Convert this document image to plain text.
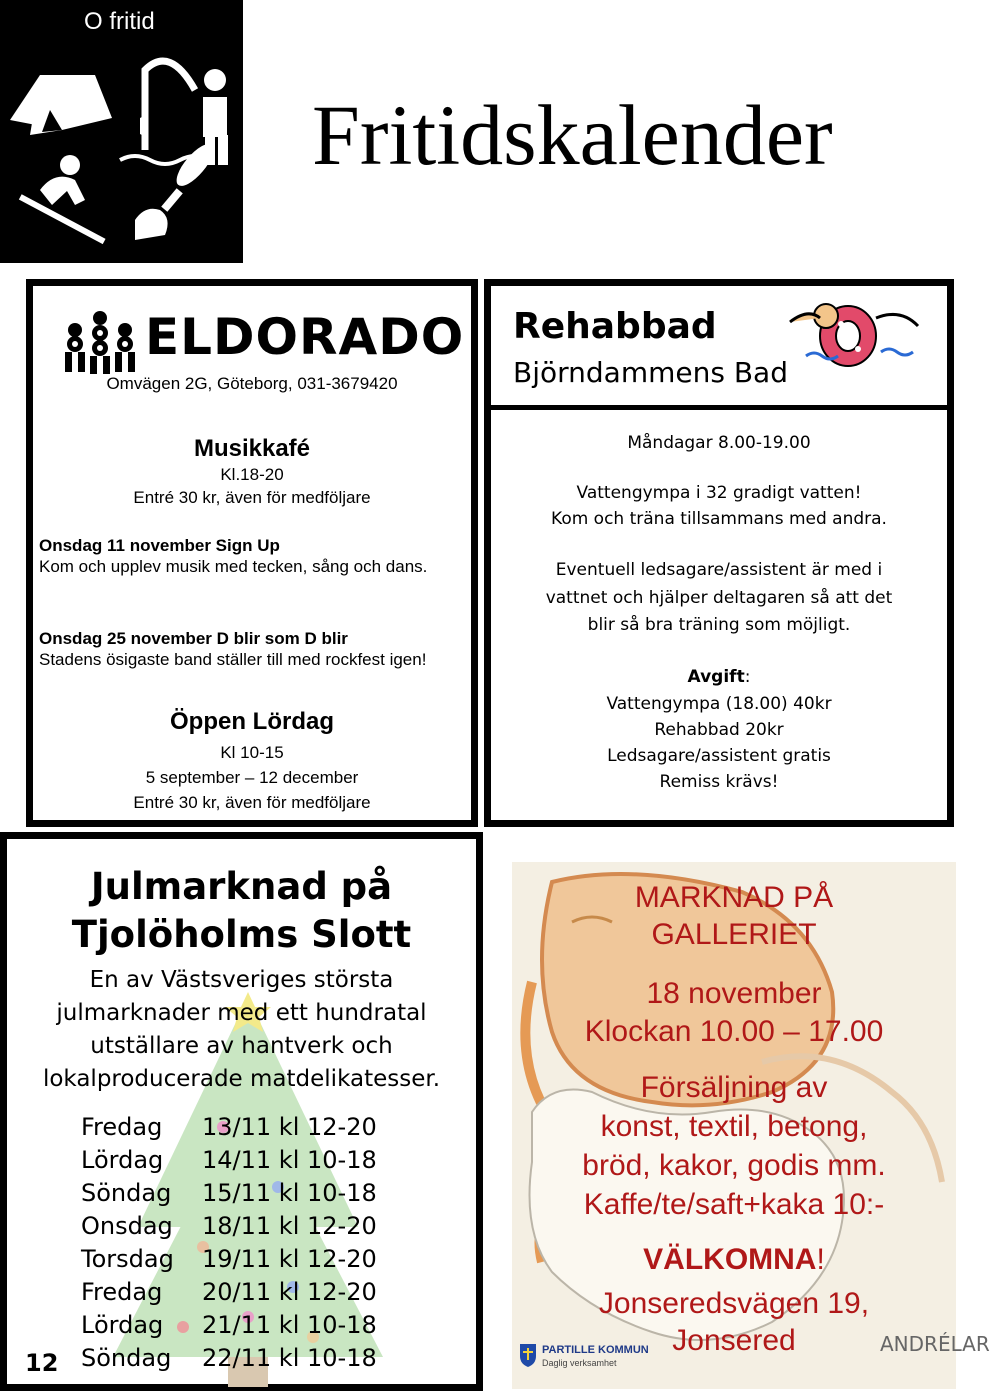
O fritid
Fritidskalender
ELDORADO
Omvägen 2G, Göteborg, 031-3679420
Musikkafé
Kl.18-20
Entré 30 kr, även för medföljare
Onsdag 11 november Sign Up
Kom och upplev musik med tecken, sång och dans.
Onsdag 25 november D blir som D blir
Stadens ösigaste band ställer till med rockfest igen!
Öppen Lördag
Kl 10-15
5 september – 12 december
Entré 30 kr, även för medföljare
Rehabbad
Björndammens Bad
Måndagar 8.00-19.00
Vattengympa i 32 gradigt vatten!
Kom och träna tillsammans med andra.
Eventuell ledsagare/assistent är med i
vattnet och hjälper deltagaren så att det
blir så bra träning som möjligt.
Avgift:
Vattengympa (18.00) 40kr
Rehabbad 20kr
Ledsagare/assistent gratis
Remiss krävs!
Julmarknad på
Tjolöholms Slott
En av Västsveriges största
julmarknader med ett hundratal
utställare av hantverk och
lokalproducerade matdelikatesser.
Fredag 13/11 kl 12-20
Lördag 14/11 kl 10-18
Söndag 15/11 kl 10-18
Onsdag 18/11 kl 12-20
Torsdag 19/11 kl 12-20
Fredag 20/11 kl 12-20
Lördag 21/11 kl 10-18
Söndag 22/11 kl 10-18
12
MARKNAD PÅ
GALLERIET
18 november
Klockan 10.00 – 17.00
Försäljning av
konst, textil, betong,
bröd, kakor, godis mm.
Kaffe/te/saft+kaka 10:-
VÄLKOMNA!
Jonseredsvägen 19,
Jonsered
PARTILLE KOMMUN
Daglig verksamhet
ANDRÉLAR
